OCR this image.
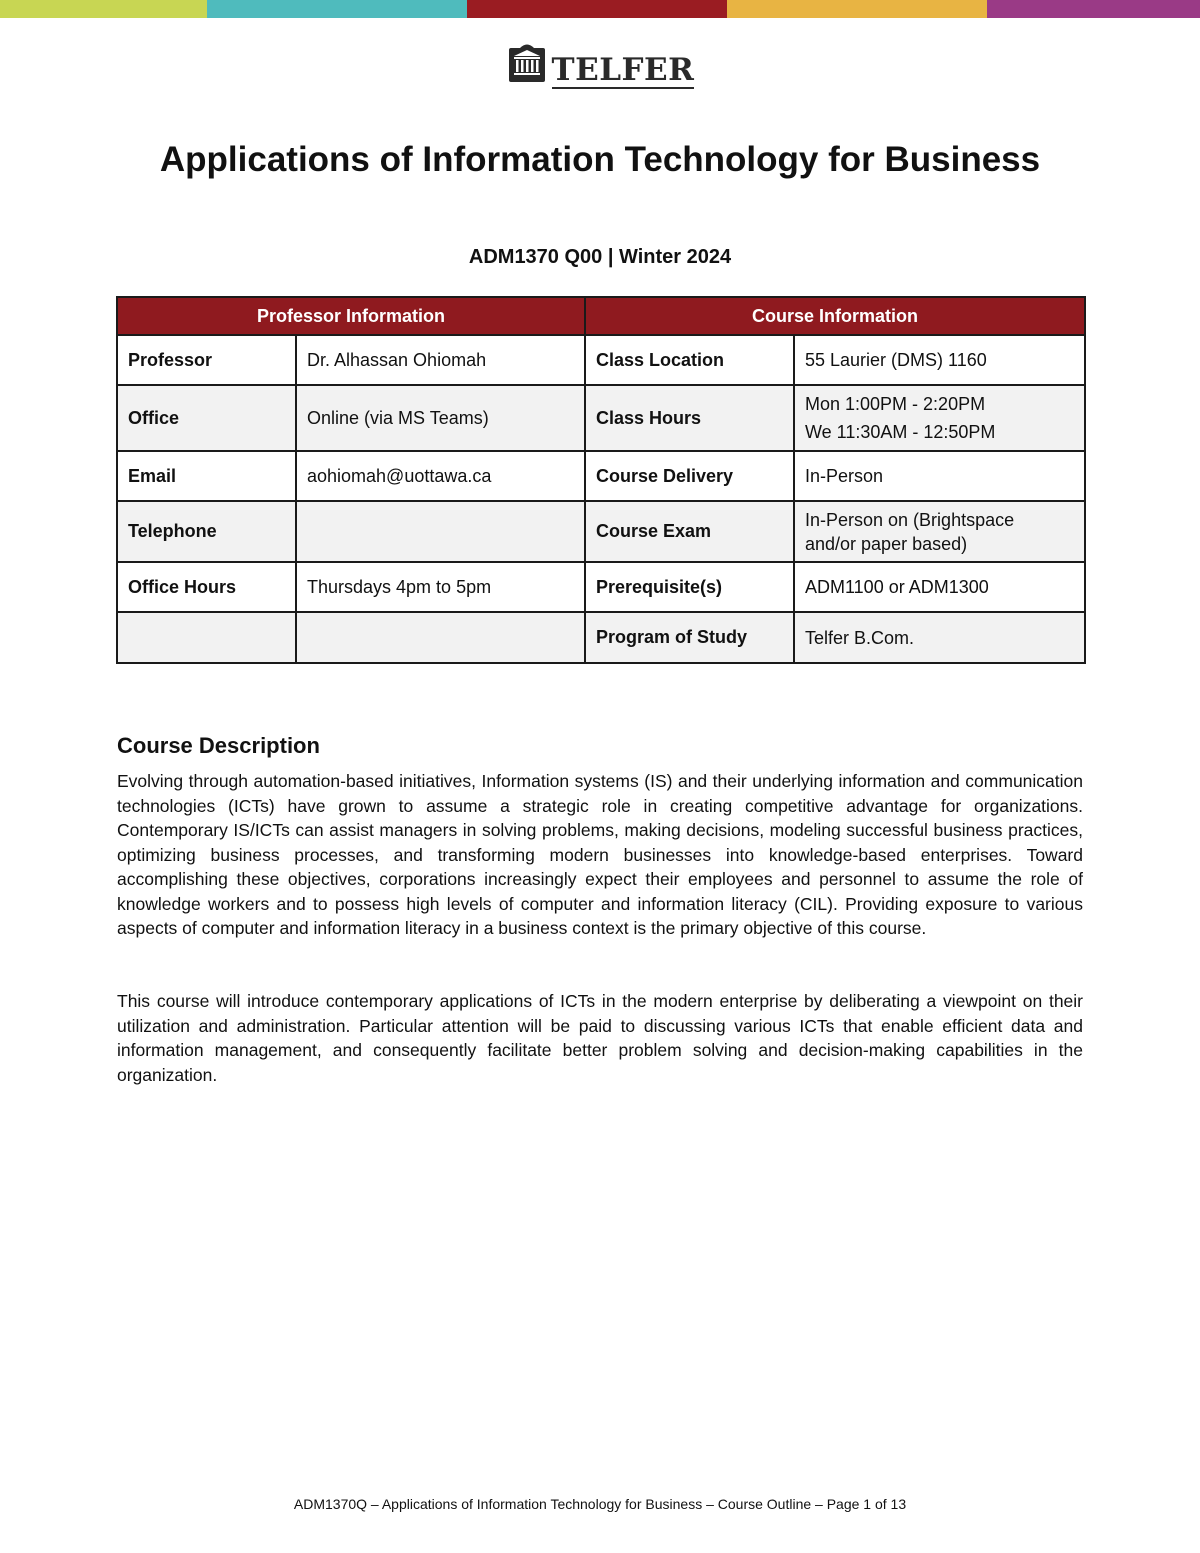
TELFER
Applications of Information Technology for Business
ADM1370 Q00 | Winter 2024
Professor Information		Course Information	
Professor	Dr. Alhassan Ohiomah	Class Location	55 Laurier (DMS) 1160
Office	Online (via MS Teams)	Class Hours	Mon 1:00PM - 2:20PM
We 11:30AM - 12:50PM

Email	aohiomah@uottawa.ca	Course Delivery	In-Person
Telephone		Course Exam	In-Person on (Brightspace
and/or paper based)

Office Hours	Thursdays 4pm to 5pm	Prerequisite(s)	ADM1100 or ADM1300
		Program of Study	Telfer B.Com.
Course Description

Evolving through automation-based initiatives, Information systems (IS) and their underlying information and communication technologies (ICTs) have grown to assume a strategic role in creating competitive advantage for organizations. Contemporary IS/ICTs can assist managers in solving problems, making decisions, modeling successful business practices, optimizing business processes, and transforming modern businesses into knowledge-based enterprises. Toward accomplishing these objectives, corporations increasingly expect their employees and personnel to assume the role of knowledge workers and to possess high levels of computer and information literacy (CIL). Providing exposure to various aspects of computer and information literacy in a business context is the primary objective of this course.

This course will introduce contemporary applications of ICTs in the modern enterprise by deliberating a viewpoint on their utilization and administration. Particular attention will be paid to discussing various ICTs that enable efficient data and information management, and consequently facilitate better problem solving and decision-making capabilities in the organization.

ADM1370Q – Applications of Information Technology for Business – Course Outline – Page 1 of 13
